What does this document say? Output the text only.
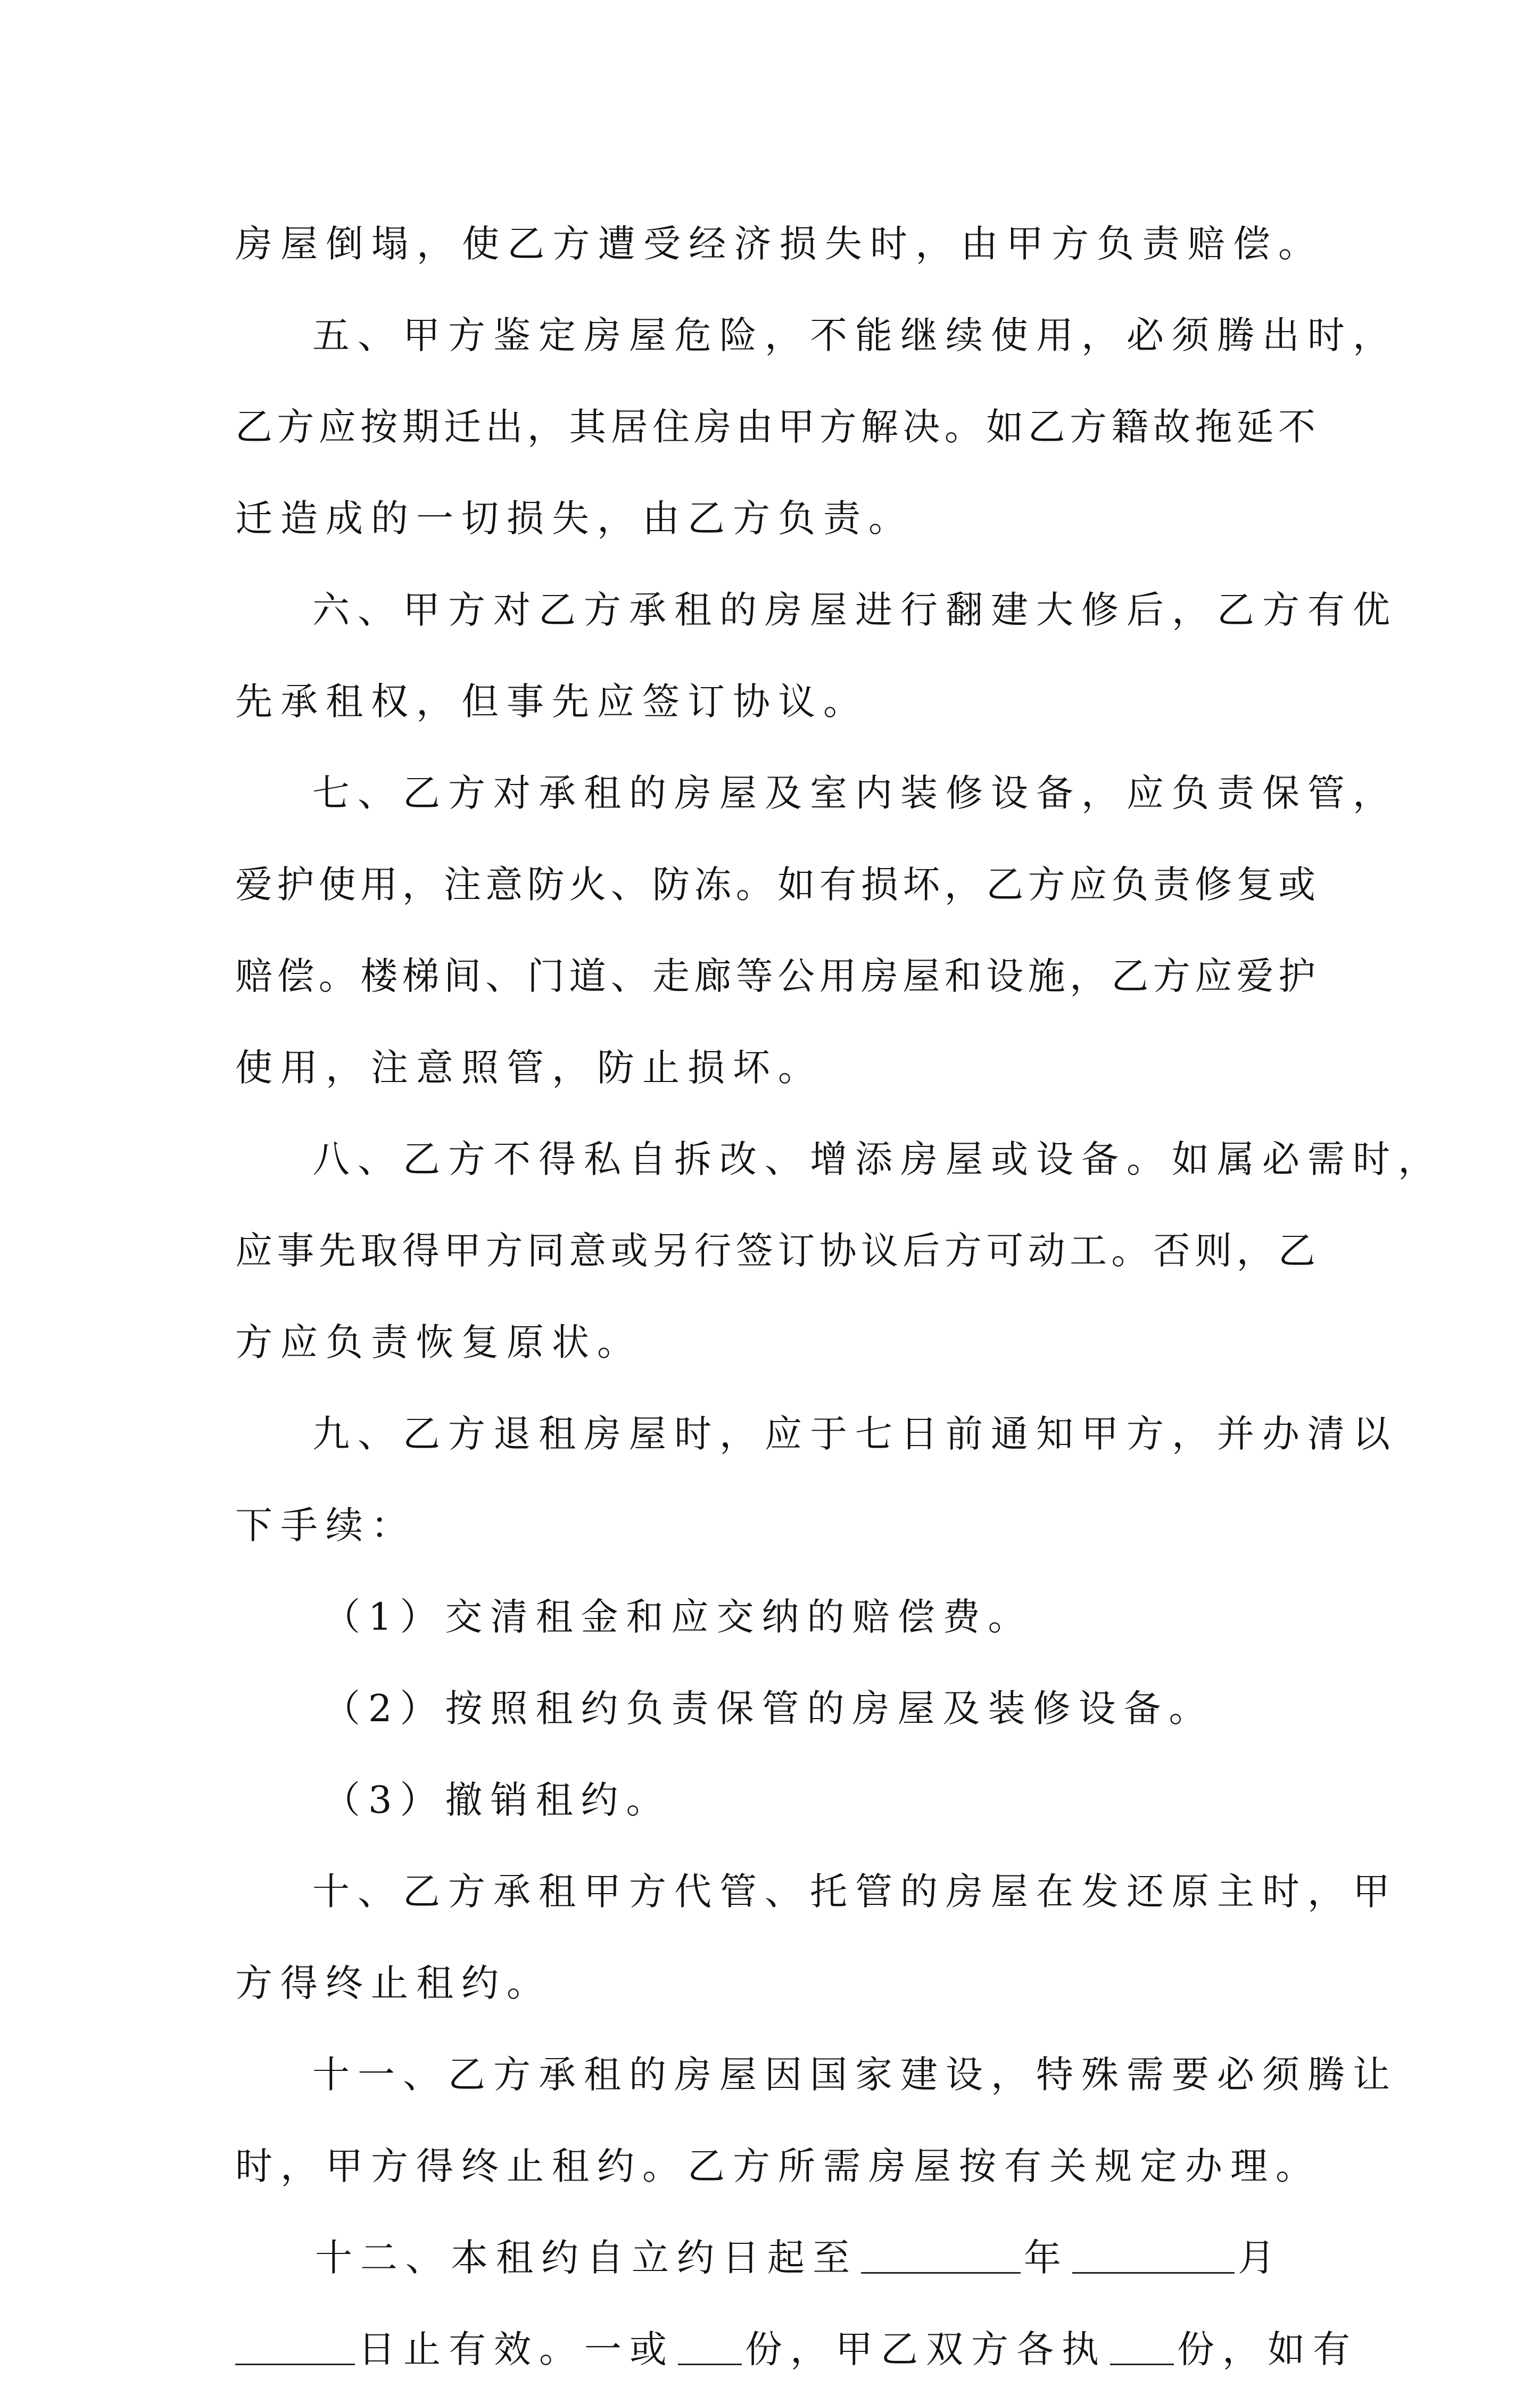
房屋倒塌，使乙方遭受经济损失时，由甲方负责赔偿。
五、甲方鉴定房屋危险，不能继续使用，必须腾出时，
乙方应按期迁出，其居住房由甲方解决。如乙方籍故拖延不
迁造成的一切损失，由乙方负责。
六、甲方对乙方承租的房屋进行翻建大修后，乙方有优
先承租权，但事先应签订协议。
七、乙方对承租的房屋及室内装修设备，应负责保管，
爱护使用，注意防火、防冻。如有损坏，乙方应负责修复或
赔偿。楼梯间、门道、走廊等公用房屋和设施，乙方应爱护
使用，注意照管，防止损坏。
八、乙方不得私自拆改、增添房屋或设备。如属必需时，
应事先取得甲方同意或另行签订协议后方可动工。否则，乙
方应负责恢复原状。
九、乙方退租房屋时，应于七日前通知甲方，并办清以
下手续：
（1）交清租金和应交纳的赔偿费。
（2）按照租约负责保管的房屋及装修设备。
（3）撤销租约。
十、乙方承租甲方代管、托管的房屋在发还原主时，甲
方得终止租约。
十一、乙方承租的房屋因国家建设，特殊需要必须腾让
时，甲方得终止租约。乙方所需房屋按有关规定办理。
十二、本租约自立约日起至	年	月
日止有效。一或 份，甲乙双方各执 份，如有
